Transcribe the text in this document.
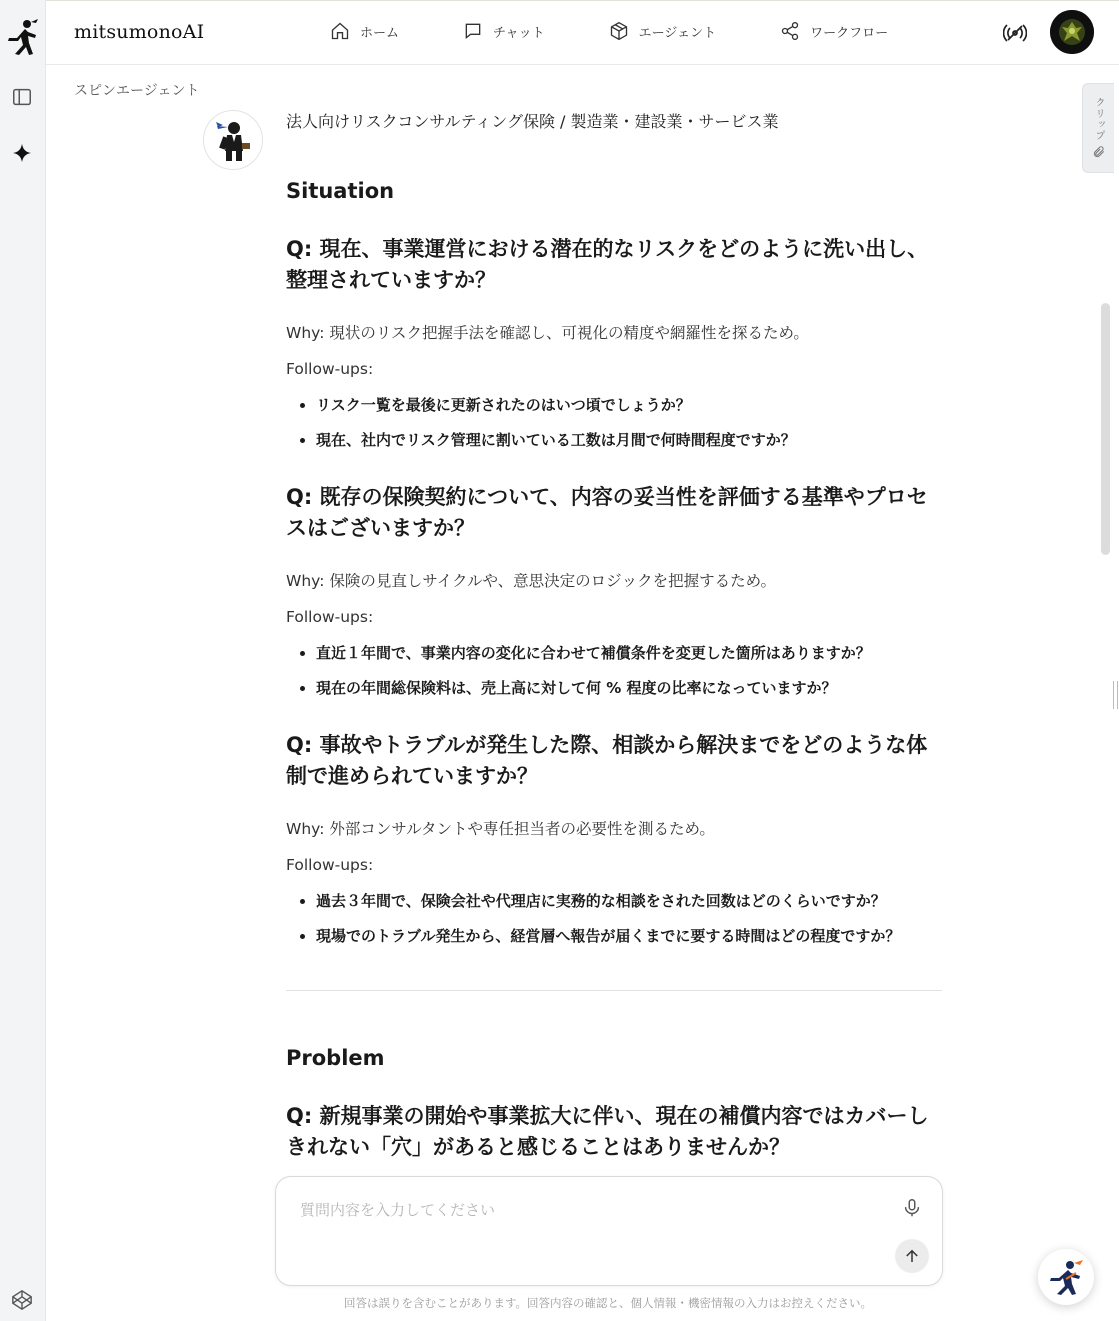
mitsumonoAI	ホーム	チャット	エージェント	ワークフロー
スピンエージェント

法人向けリスクコンサルティング保険 / 製造業・建設業・サービス業

Situation
Q: 現在、事業運営における潜在的なリスクをどのように洗い出し、整理されていますか？
Why: 現状のリスク把握手法を確認し、可視化の精度や網羅性を探るため。
Follow-ups:
• リスク一覧を最後に更新されたのはいつ頃でしょうか？
• 現在、社内でリスク管理に割いている工数は月間で何時間程度ですか？
Q: 既存の保険契約について、内容の妥当性を評価する基準やプロセスはございますか？
Why: 保険の見直しサイクルや、意思決定のロジックを把握するため。
Follow-ups:
• 直近１年間で、事業内容の変化に合わせて補償条件を変更した箇所はありますか？
• 現在の年間総保険料は、売上高に対して何 % 程度の比率になっていますか？
Q: 事故やトラブルが発生した際、相談から解決までをどのような体制で進められていますか？
Why: 外部コンサルタントや専任担当者の必要性を測るため。
Follow-ups:
• 過去３年間で、保険会社や代理店に実務的な相談をされた回数はどのくらいですか？
• 現場でのトラブル発生から、経営層へ報告が届くまでに要する時間はどの程度ですか？
Problem
Q: 新規事業の開始や事業拡大に伴い、現在の補償内容ではカバーしきれない「穴」があると感じることはありませんか？
クリップ
質問内容を入力してください
回答は誤りを含むことがあります。回答内容の確認と、個人情報・機密情報の入力はお控えください。
